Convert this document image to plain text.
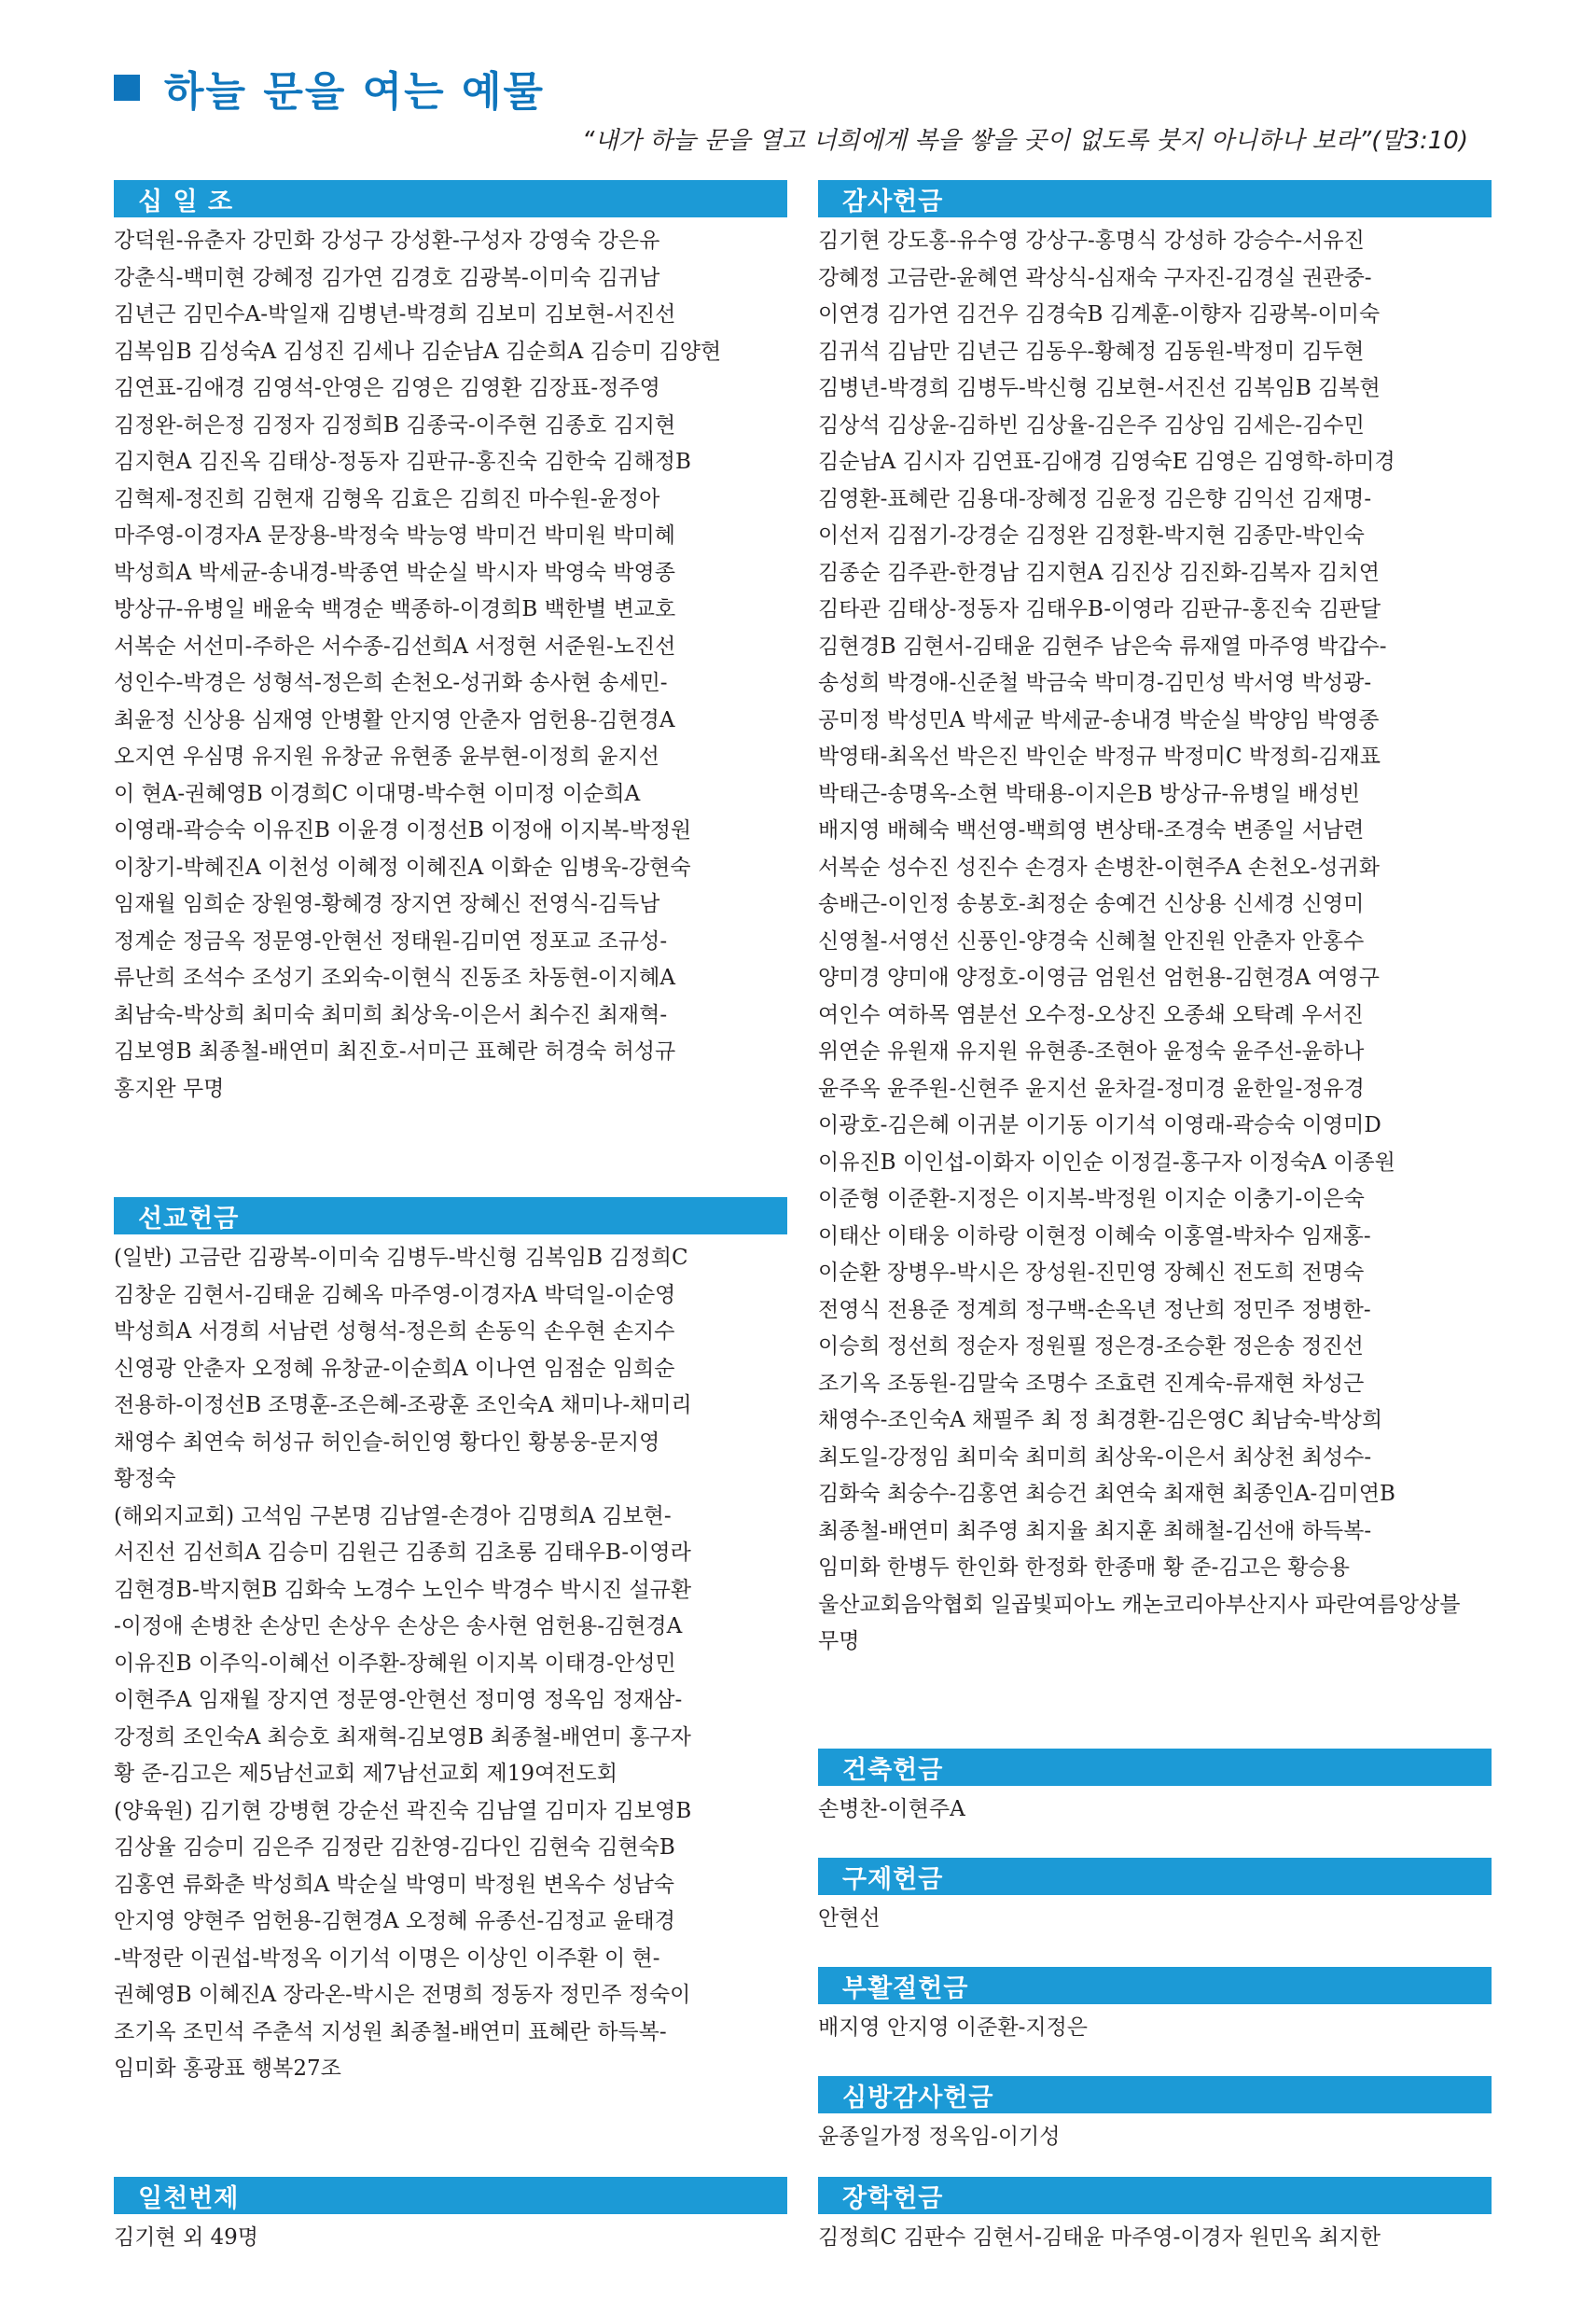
하늘 문을 여는 예물
“내가 하늘 문을 열고 너희에게 복을 쌓을 곳이 없도록 붓지 아니하나 보라”(말3:10)
십 일 조
강덕원-유춘자 강민화 강성구 강성환-구성자 강영숙 강은유
강춘식-백미현 강혜정 김가연 김경호 김광복-이미숙 김귀남
김년근 김민수A-박일재 김병년-박경희 김보미 김보현-서진선
김복임B 김성숙A 김성진 김세나 김순남A 김순희A 김승미 김양현
김연표-김애경 김영석-안영은 김영은 김영환 김장표-정주영
김정완-허은정 김정자 김정희B 김종국-이주현 김종호 김지현
김지현A 김진옥 김태상-정동자 김판규-홍진숙 김한숙 김해정B
김혁제-정진희 김현재 김형옥 김효은 김희진 마수원-윤정아
마주영-이경자A 문장용-박정숙 박능영 박미건 박미원 박미혜
박성희A 박세균-송내경-박종연 박순실 박시자 박영숙 박영종
방상규-유병일 배윤숙 백경순 백종하-이경희B 백한별 변교호
서복순 서선미-주하은 서수종-김선희A 서정현 서준원-노진선
성인수-박경은 성형석-정은희 손천오-성귀화 송사현 송세민-
최윤정 신상용 심재영 안병활 안지영 안춘자 엄헌용-김현경A
오지연 우심명 유지원 유창균 유현종 윤부현-이정희 윤지선
이 현A-권혜영B 이경희C 이대명-박수현 이미정 이순희A
이영래-곽승숙 이유진B 이윤경 이정선B 이정애 이지복-박정원
이창기-박혜진A 이천성 이혜정 이혜진A 이화순 임병욱-강현숙
임재월 임희순 장원영-황혜경 장지연 장혜신 전영식-김득남
정계순 정금옥 정문영-안현선 정태원-김미연 정포교 조규성-
류난희 조석수 조성기 조외숙-이현식 진동조 차동현-이지혜A
최남숙-박상희 최미숙 최미희 최상욱-이은서 최수진 최재혁-
김보영B 최종철-배연미 최진호-서미근 표혜란 허경숙 허성규
홍지완 무명
선교헌금
(일반) 고금란 김광복-이미숙 김병두-박신형 김복임B 김정희C
김창운 김현서-김태윤 김혜옥 마주영-이경자A 박덕일-이순영
박성희A 서경희 서남련 성형석-정은희 손동익 손우현 손지수
신영광 안춘자 오정혜 유창균-이순희A 이나연 임점순 임희순
전용하-이정선B 조명훈-조은혜-조광훈 조인숙A 채미나-채미리
채영수 최연숙 허성규 허인슬-허인영 황다인 황봉웅-문지영
황정숙
(해외지교회) 고석임 구본명 김남열-손경아 김명희A 김보현-
서진선 김선희A 김승미 김원근 김종희 김초롱 김태우B-이영라
김현경B-박지현B 김화숙 노경수 노인수 박경수 박시진 설규환
-이정애 손병찬 손상민 손상우 손상은 송사현 엄헌용-김현경A
이유진B 이주익-이혜선 이주환-장혜원 이지복 이태경-안성민
이현주A 임재월 장지연 정문영-안현선 정미영 정옥임 정재삼-
강정희 조인숙A 최승호 최재혁-김보영B 최종철-배연미 홍구자
황 준-김고은 제5남선교회 제7남선교회 제19여전도회
(양육원) 김기현 강병현 강순선 곽진숙 김남열 김미자 김보영B
김상율 김승미 김은주 김정란 김찬영-김다인 김현숙 김현숙B
김홍연 류화춘 박성희A 박순실 박영미 박정원 변옥수 성남숙
안지영 양현주 엄헌용-김현경A 오정혜 유종선-김정교 윤태경
-박정란 이권섭-박정옥 이기석 이명은 이상인 이주환 이 현-
권혜영B 이혜진A 장라온-박시은 전명희 정동자 정민주 정숙이
조기옥 조민석 주춘석 지성원 최종철-배연미 표혜란 하득복-
임미화 홍광표 행복27조
일천번제
김기현 외 49명
감사헌금
김기현 강도홍-유수영 강상구-홍명식 강성하 강승수-서유진
강혜정 고금란-윤혜연 곽상식-심재숙 구자진-김경실 권관중-
이연경 김가연 김건우 김경숙B 김계훈-이향자 김광복-이미숙
김귀석 김남만 김년근 김동우-황혜정 김동원-박정미 김두현
김병년-박경희 김병두-박신형 김보현-서진선 김복임B 김복현
김상석 김상윤-김하빈 김상율-김은주 김상임 김세은-김수민
김순남A 김시자 김연표-김애경 김영숙E 김영은 김영학-하미경
김영환-표혜란 김용대-장혜정 김윤정 김은향 김익선 김재명-
이선저 김점기-강경순 김정완 김정환-박지현 김종만-박인숙
김종순 김주관-한경남 김지현A 김진상 김진화-김복자 김치연
김타관 김태상-정동자 김태우B-이영라 김판규-홍진숙 김판달
김현경B 김현서-김태윤 김현주 남은숙 류재열 마주영 박갑수-
송성희 박경애-신준철 박금숙 박미경-김민성 박서영 박성광-
공미정 박성민A 박세균 박세균-송내경 박순실 박양임 박영종
박영태-최옥선 박은진 박인순 박정규 박정미C 박정희-김재표
박태근-송명옥-소현 박태용-이지은B 방상규-유병일 배성빈
배지영 배혜숙 백선영-백희영 변상태-조경숙 변종일 서남련
서복순 성수진 성진수 손경자 손병찬-이현주A 손천오-성귀화
송배근-이인정 송봉호-최정순 송예건 신상용 신세경 신영미
신영철-서영선 신풍인-양경숙 신혜철 안진원 안춘자 안홍수
양미경 양미애 양정호-이영금 엄원선 엄헌용-김현경A 여영구
여인수 여하목 염분선 오수정-오상진 오종쇄 오탁례 우서진
위연순 유원재 유지원 유현종-조현아 윤정숙 윤주선-윤하나
윤주옥 윤주원-신현주 윤지선 윤차걸-정미경 윤한일-정유경
이광호-김은혜 이귀분 이기동 이기석 이영래-곽승숙 이영미D
이유진B 이인섭-이화자 이인순 이정걸-홍구자 이정숙A 이종원
이준형 이준환-지정은 이지복-박정원 이지순 이충기-이은숙
이태산 이태웅 이하랑 이현정 이혜숙 이홍열-박차수 임재홍-
이순환 장병우-박시은 장성원-진민영 장혜신 전도희 전명숙
전영식 전용준 정계희 정구백-손옥년 정난희 정민주 정병한-
이승희 정선희 정순자 정원필 정은경-조승환 정은송 정진선
조기옥 조동원-김말숙 조명수 조효련 진계숙-류재현 차성근
채영수-조인숙A 채필주 최 정 최경환-김은영C 최남숙-박상희
최도일-강정임 최미숙 최미희 최상욱-이은서 최상천 최성수-
김화숙 최숭수-김홍연 최승건 최연숙 최재현 최종인A-김미연B
최종철-배연미 최주영 최지율 최지훈 최해철-김선애 하득복-
임미화 한병두 한인화 한정화 한종매 황 준-김고은 황승용
울산교회음악협회 일곱빛피아노 캐논코리아부산지사 파란여름앙상블
무명
건축헌금
손병찬-이현주A
구제헌금
안현선
부활절헌금
배지영 안지영 이준환-지정은
심방감사헌금
윤종일가정 정옥임-이기성
장학헌금
김정희C 김판수 김현서-김태윤 마주영-이경자 원민옥 최지한
